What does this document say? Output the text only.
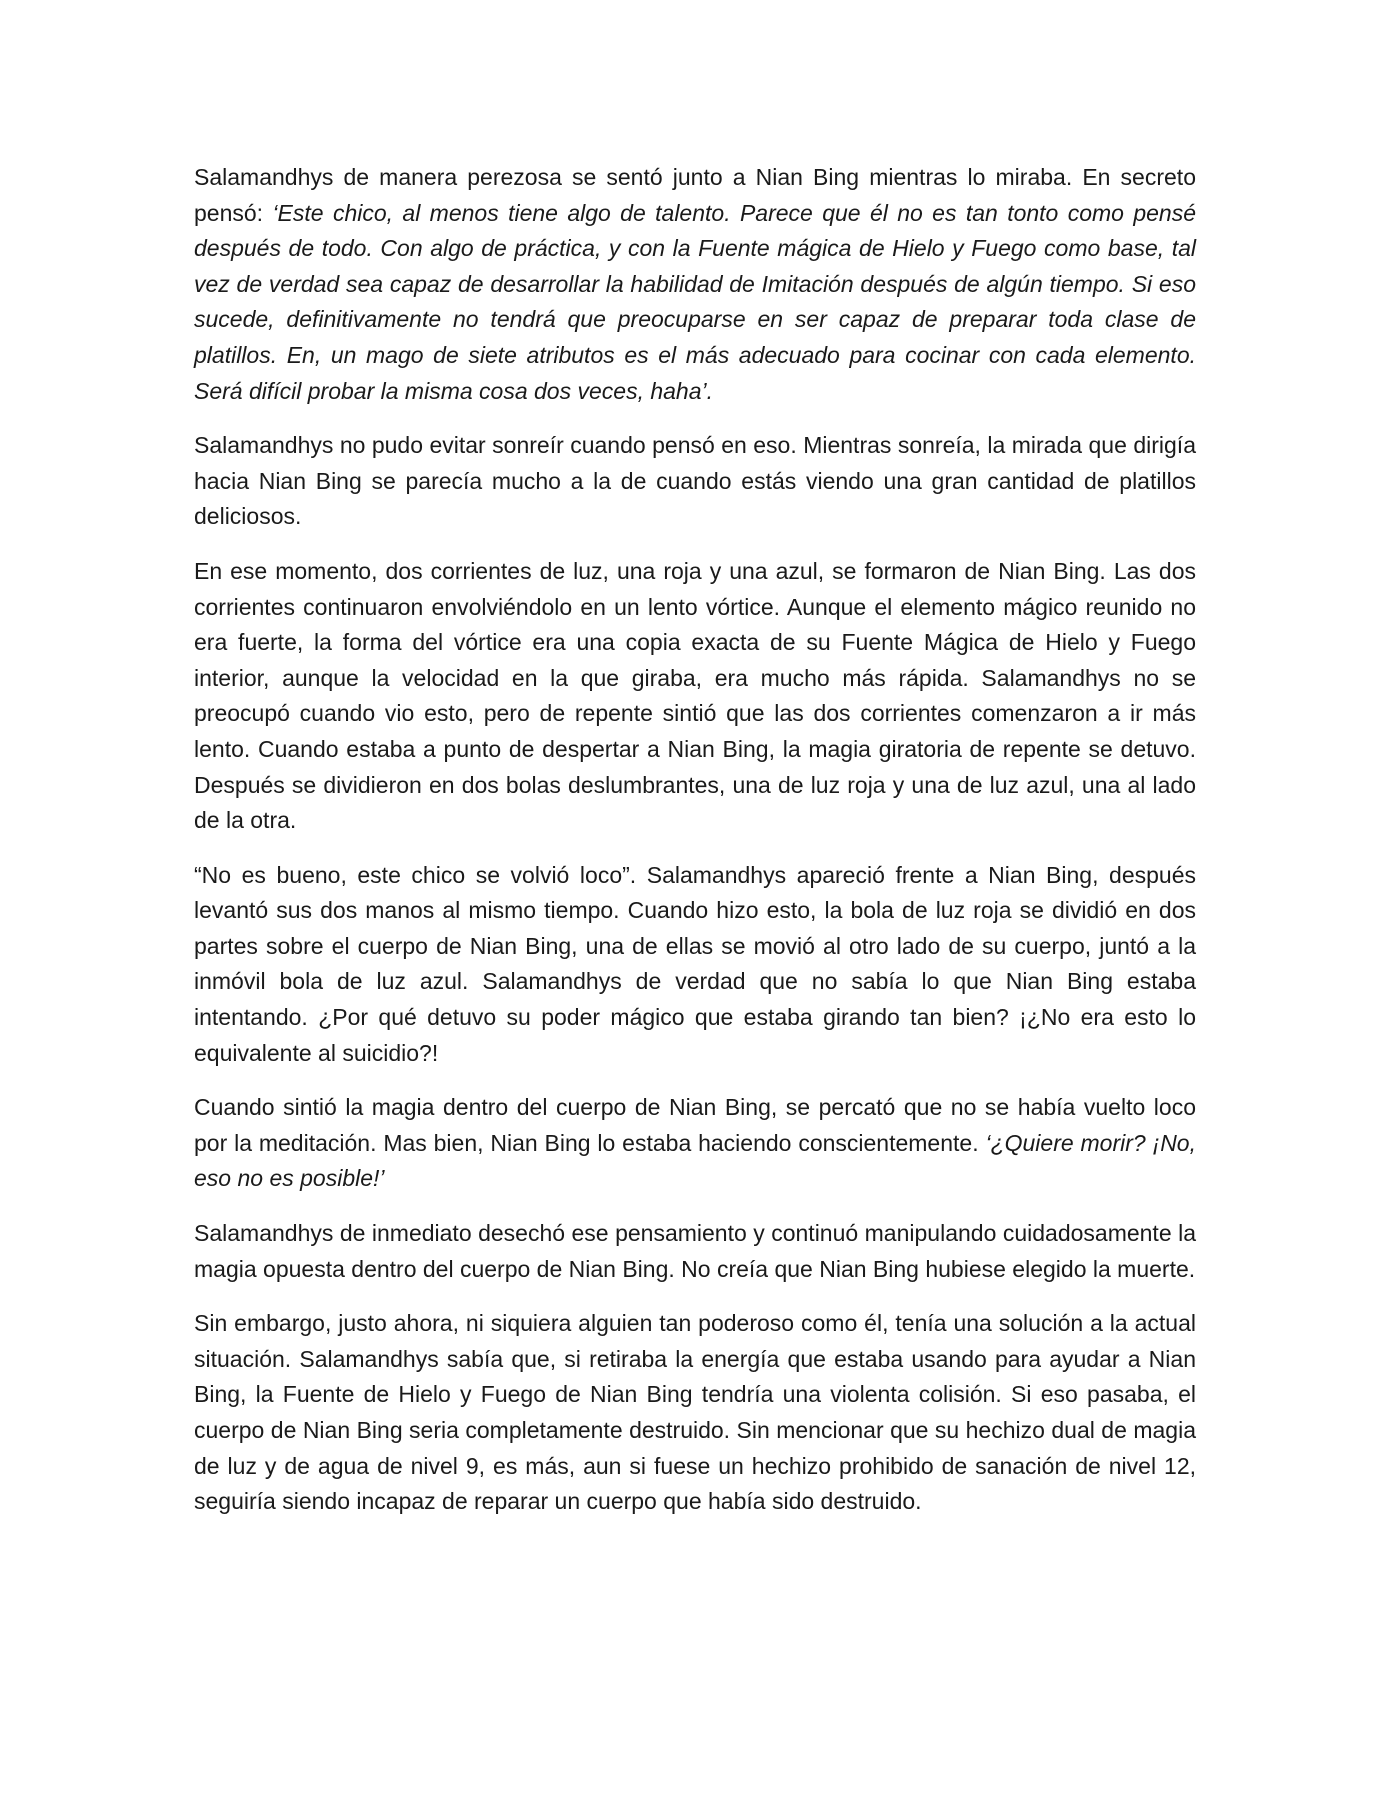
Salamandhys de manera perezosa se sentó junto a Nian Bing mientras lo miraba. En secreto pensó: ‘Este chico, al menos tiene algo de talento. Parece que él no es tan tonto como pensé después de todo. Con algo de práctica, y con la Fuente mágica de Hielo y Fuego como base, tal vez de verdad sea capaz de desarrollar la habilidad de Imitación después de algún tiempo. Si eso sucede, definitivamente no tendrá que preocuparse en ser capaz de preparar toda clase de platillos. En, un mago de siete atributos es el más adecuado para cocinar con cada elemento. Será difícil probar la misma cosa dos veces, haha’.

Salamandhys no pudo evitar sonreír cuando pensó en eso. Mientras sonreía, la mirada que dirigía hacia Nian Bing se parecía mucho a la de cuando estás viendo una gran cantidad de platillos deliciosos.

En ese momento, dos corrientes de luz, una roja y una azul, se formaron de Nian Bing. Las dos corrientes continuaron envolviéndolo en un lento vórtice. Aunque el elemento mágico reunido no era fuerte, la forma del vórtice era una copia exacta de su Fuente Mágica de Hielo y Fuego interior, aunque la velocidad en la que giraba, era mucho más rápida. Salamandhys no se preocupó cuando vio esto, pero de repente sintió que las dos corrientes comenzaron a ir más lento. Cuando estaba a punto de despertar a Nian Bing, la magia giratoria de repente se detuvo. Después se dividieron en dos bolas deslumbrantes, una de luz roja y una de luz azul, una al lado de la otra.

“No es bueno, este chico se volvió loco”. Salamandhys apareció frente a Nian Bing, después levantó sus dos manos al mismo tiempo. Cuando hizo esto, la bola de luz roja se dividió en dos partes sobre el cuerpo de Nian Bing, una de ellas se movió al otro lado de su cuerpo, juntó a la inmóvil bola de luz azul. Salamandhys de verdad que no sabía lo que Nian Bing estaba intentando. ¿Por qué detuvo su poder mágico que estaba girando tan bien? ¡¿No era esto lo equivalente al suicidio?!

Cuando sintió la magia dentro del cuerpo de Nian Bing, se percató que no se había vuelto loco por la meditación. Mas bien, Nian Bing lo estaba haciendo conscientemente. ‘¿Quiere morir? ¡No, eso no es posible!’

Salamandhys de inmediato desechó ese pensamiento y continuó manipulando cuidadosamente la magia opuesta dentro del cuerpo de Nian Bing. No creía que Nian Bing hubiese elegido la muerte.

Sin embargo, justo ahora, ni siquiera alguien tan poderoso como él, tenía una solución a la actual situación. Salamandhys sabía que, si retiraba la energía que estaba usando para ayudar a Nian Bing, la Fuente de Hielo y Fuego de Nian Bing tendría una violenta colisión. Si eso pasaba, el cuerpo de Nian Bing seria completamente destruido. Sin mencionar que su hechizo dual de magia de luz y de agua de nivel 9, es más, aun si fuese un hechizo prohibido de sanación de nivel 12, seguiría siendo incapaz de reparar un cuerpo que había sido destruido.
